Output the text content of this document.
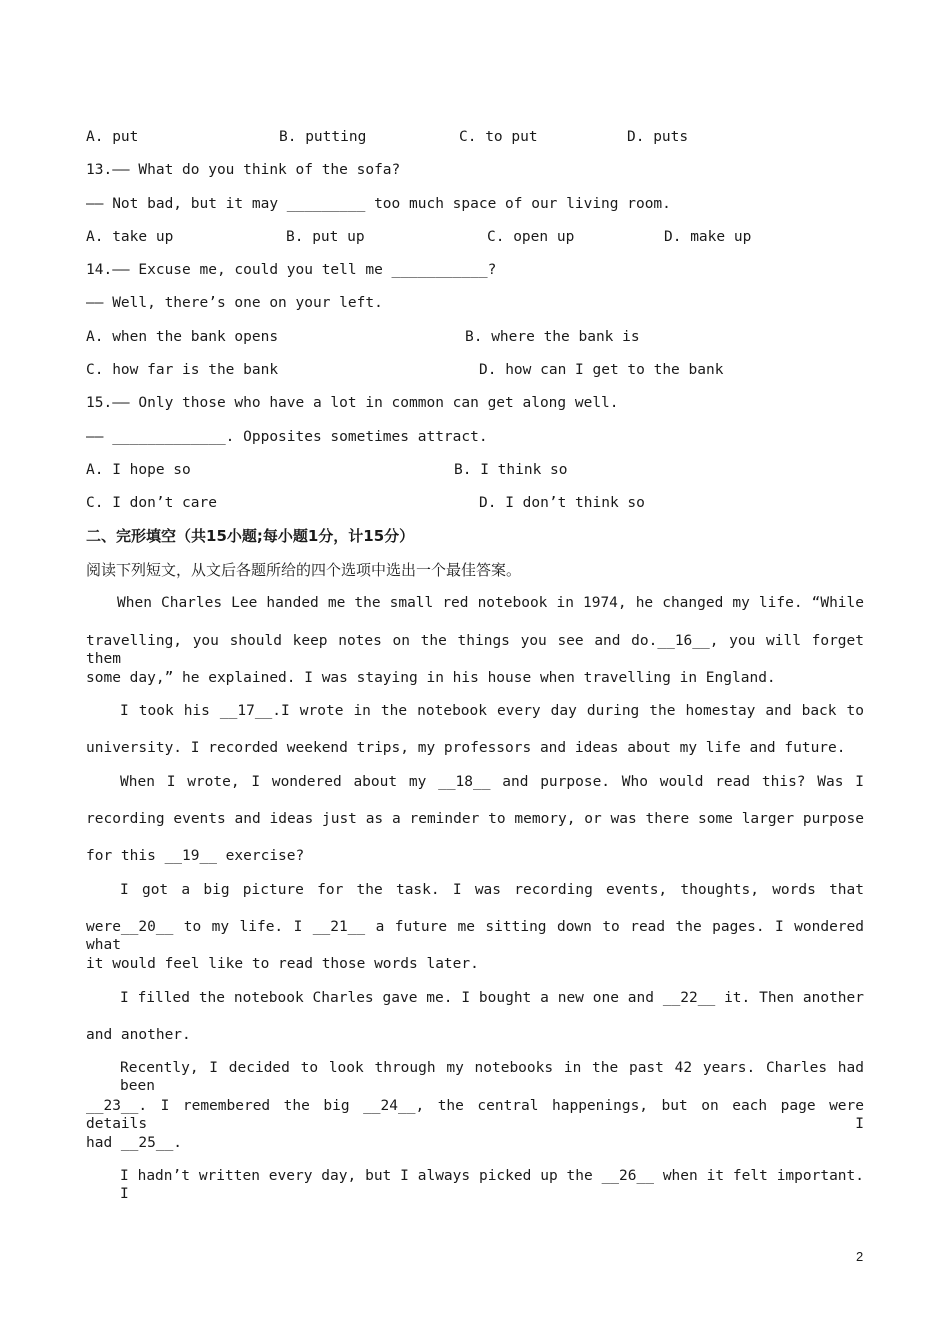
A. put	B. putting	C. to put	D. puts
13.—— What do you think of the sofa?
—— Not bad, but it may _________ too much space of our living room.
A. take up	B. put up	C. open up	D. make up
14.—— Excuse me, could you tell me ___________?
—— Well, there’s one on your left.
A. when the bank opens	B. where the bank is
C. how far is the bank	D. how can I get to the bank
15.—— Only those who have a lot in common can get along well.
—— _____________. Opposites sometimes attract.
A. I hope so	B. I think so
C. I don’t care	D. I don’t think so
二、完形填空（共15小题;每小题1分，计15分）
阅读下列短文，从文后各题所给的四个选项中选出一个最佳答案。
When Charles Lee handed me the small red notebook in 1974, he changed my life. “While
travelling, you should keep notes on the things you see and do.__16__, you will forget them
some day,” he explained. I was staying in his house when travelling in England.
I took his __17__.I wrote in the notebook every day during the homestay and back to
university. I recorded weekend trips, my professors and ideas about my life and future.
When I wrote, I wondered about my __18__ and purpose. Who would read this? Was I
recording events and ideas just as a reminder to memory, or was there some larger purpose
for this __19__ exercise?
I got a big picture for the task. I was recording events, thoughts, words that
were__20__ to my life. I __21__ a future me sitting down to read the pages. I wondered what
it would feel like to read those words later.
I filled the notebook Charles gave me. I bought a new one and __22__ it. Then another
and another.
Recently, I decided to look through my notebooks in the past 42 years. Charles had been
__23__. I remembered the big __24__, the central happenings, but on each page were details I
had __25__.
I hadn’t written every day, but I always picked up the __26__ when it felt important. I
2
